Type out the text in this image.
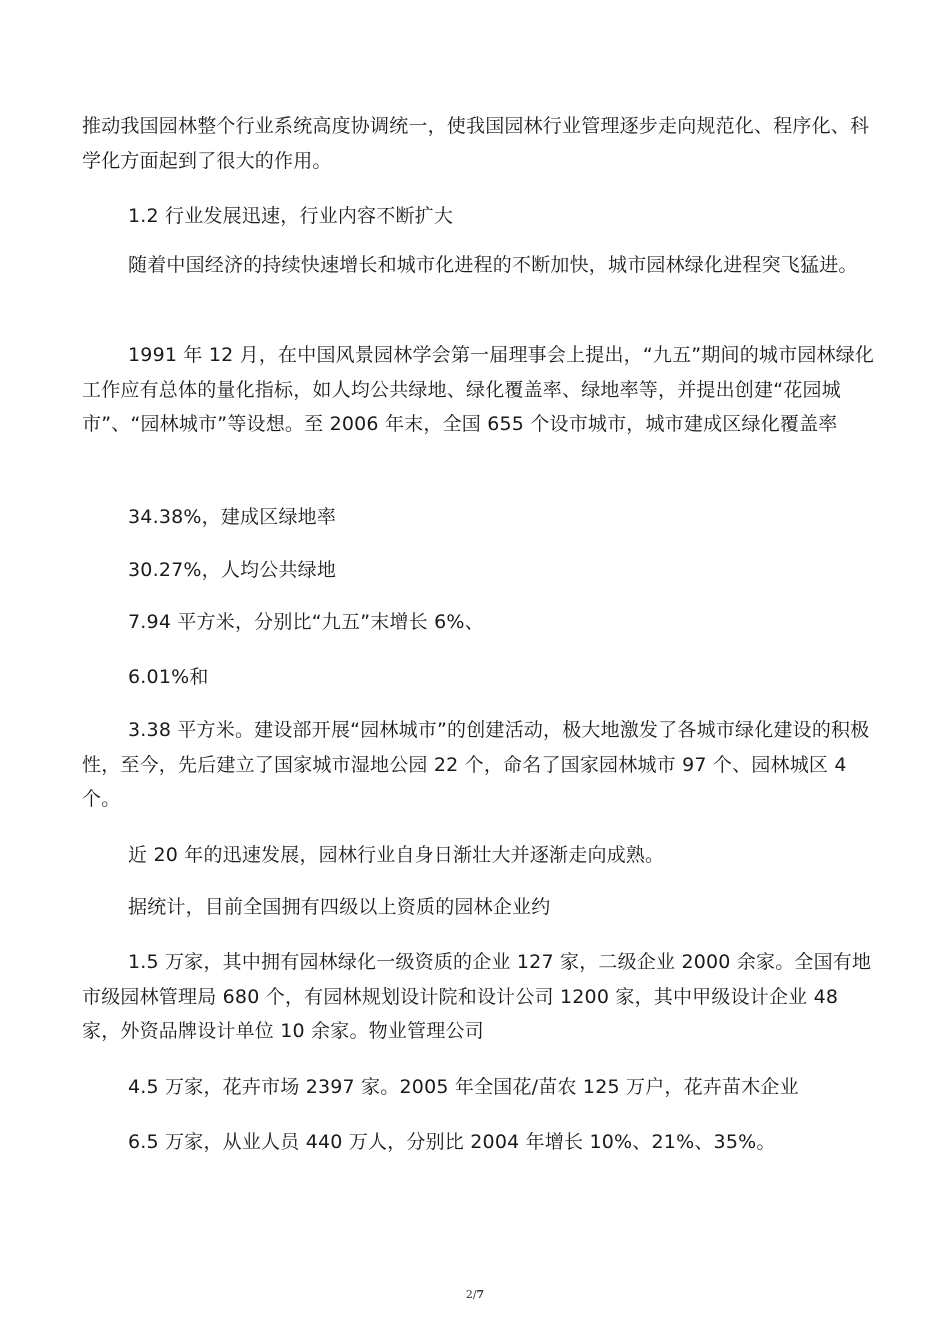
推动我国园林整个行业系统高度协调统一，使我国园林行业管理逐步走向规范化、程序化、科学化方面起到了很大的作用。

1.2 行业发展迅速，行业内容不断扩大

随着中国经济的持续快速增长和城市化进程的不断加快，城市园林绿化进程突飞猛进。

1991 年 12 月，在中国风景园林学会第一届理事会上提出，“九五”期间的城市园林绿化工作应有总体的量化指标，如人均公共绿地、绿化覆盖率、绿地率等，并提出创建“花园城市”、“园林城市”等设想。至 2006 年末，全国 655 个设市城市，城市建成区绿化覆盖率

34.38%，建成区绿地率

30.27%，人均公共绿地

7.94 平方米，分别比“九五”末增长 6%、

6.01%和

3.38 平方米。建设部开展“园林城市”的创建活动，极大地激发了各城市绿化建设的积极性，至今，先后建立了国家城市湿地公园 22 个，命名了国家园林城市 97 个、园林城区 4 个。

近 20 年的迅速发展，园林行业自身日渐壮大并逐渐走向成熟。

据统计，目前全国拥有四级以上资质的园林企业约

1.5 万家，其中拥有园林绿化一级资质的企业 127 家，二级企业 2000 余家。全国有地市级园林管理局 680 个，有园林规划设计院和设计公司 1200 家，其中甲级设计企业 48 家，外资品牌设计单位 10 余家。物业管理公司

4.5 万家，花卉市场 2397 家。2005 年全国花/苗农 125 万户，花卉苗木企业

6.5 万家，从业人员 440 万人，分别比 2004 年增长 10%、21%、35%。

2/7
